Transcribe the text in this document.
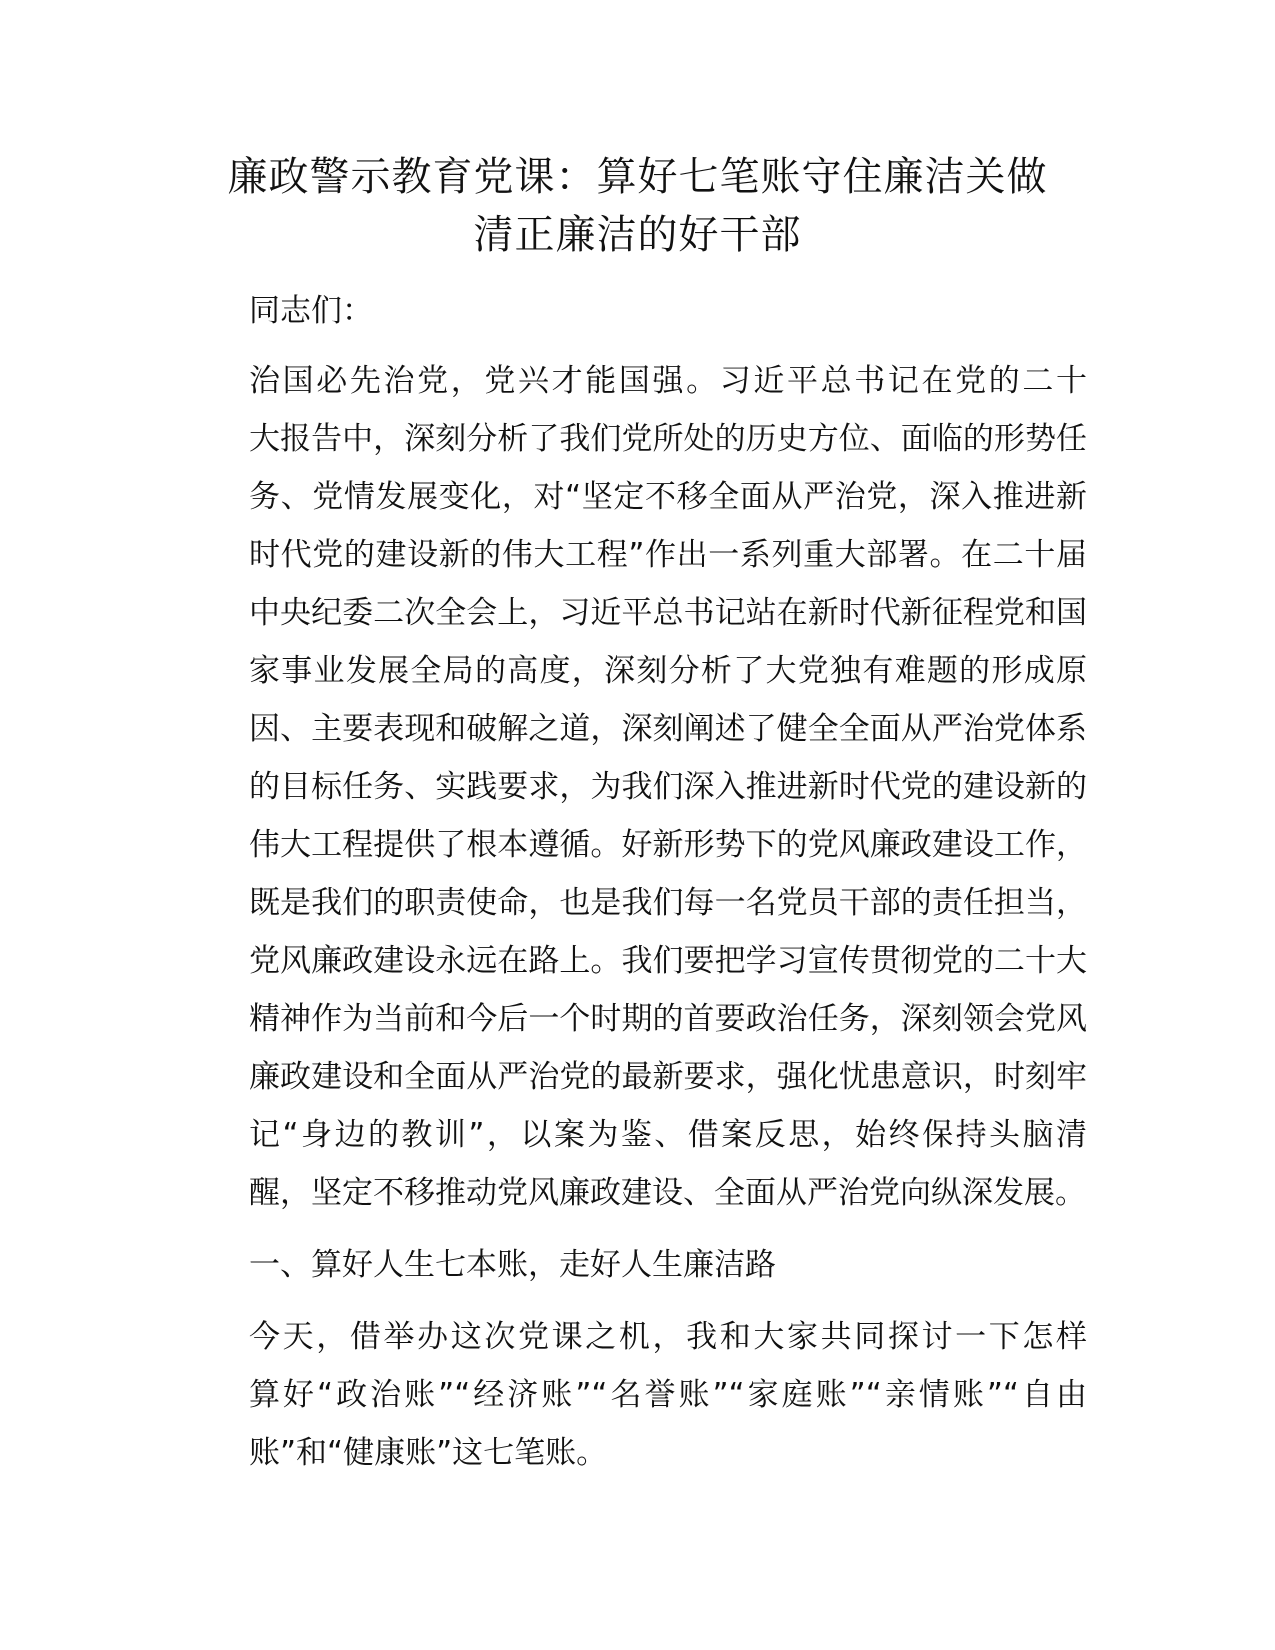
廉政警示教育党课：算好七笔账守住廉洁关做
清正廉洁的好干部

同志们：

治国必先治党，党兴才能国强。习近平总书记在党的二十
大报告中，深刻分析了我们党所处的历史方位、面临的形势任
务、党情发展变化，对“坚定不移全面从严治党，深入推进新
时代党的建设新的伟大工程”作出一系列重大部署。在二十届
中央纪委二次全会上，习近平总书记站在新时代新征程党和国
家事业发展全局的高度，深刻分析了大党独有难题的形成原
因、主要表现和破解之道，深刻阐述了健全全面从严治党体系
的目标任务、实践要求，为我们深入推进新时代党的建设新的
伟大工程提供了根本遵循。好新形势下的党风廉政建设工作，
既是我们的职责使命，也是我们每一名党员干部的责任担当，
党风廉政建设永远在路上。我们要把学习宣传贯彻党的二十大
精神作为当前和今后一个时期的首要政治任务，深刻领会党风
廉政建设和全面从严治党的最新要求，强化忧患意识，时刻牢
记“身边的教训”，以案为鉴、借案反思，始终保持头脑清
醒，坚定不移推动党风廉政建设、全面从严治党向纵深发展。

一、算好人生七本账，走好人生廉洁路

今天，借举办这次党课之机，我和大家共同探讨一下怎样
算好“政治账”“经济账”“名誉账”“家庭账”“亲情账”“自由
账”和“健康账”这七笔账。
